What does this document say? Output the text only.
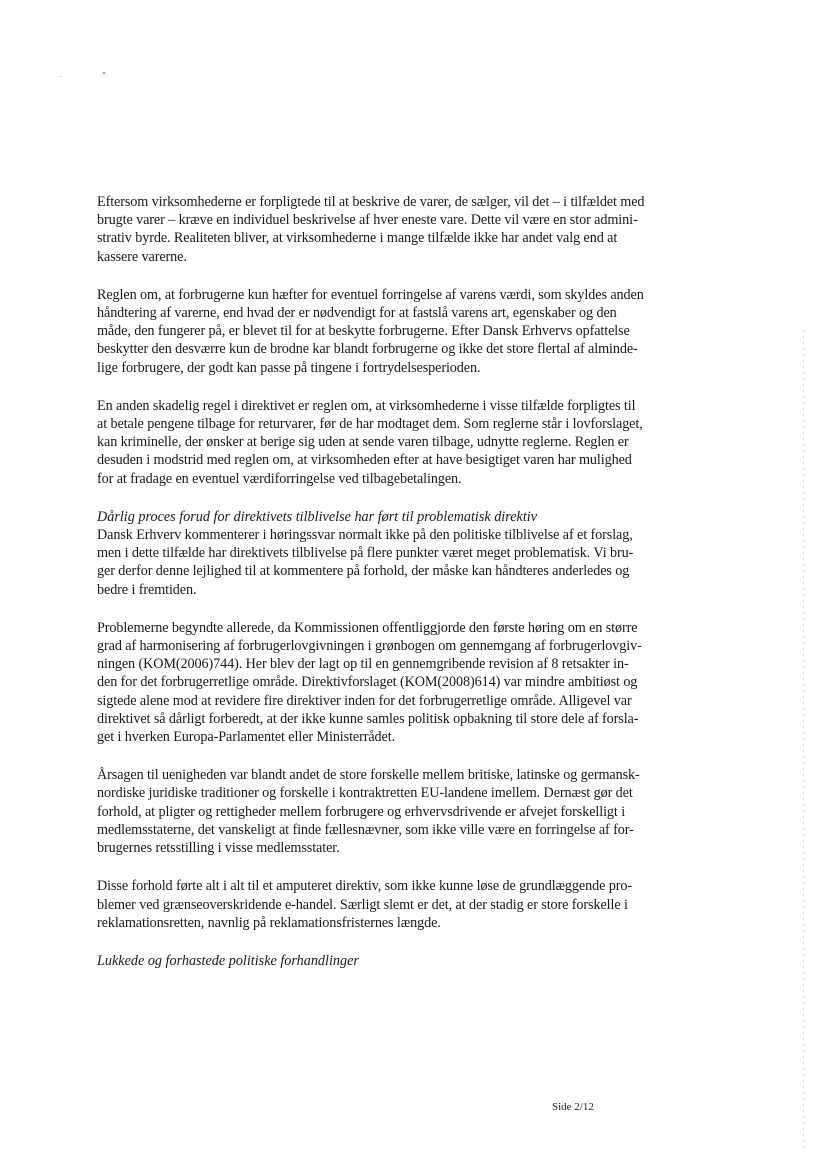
Eftersom virksomhederne er forpligtede til at beskrive de varer, de sælger, vil det – i tilfældet med
brugte varer – kræve en individuel beskrivelse af hver eneste vare. Dette vil være en stor admini-
strativ byrde. Realiteten bliver, at virksomhederne i mange tilfælde ikke har andet valg end at
kassere varerne.

Reglen om, at forbrugerne kun hæfter for eventuel forringelse af varens værdi, som skyldes anden
håndtering af varerne, end hvad der er nødvendigt for at fastslå varens art, egenskaber og den
måde, den fungerer på, er blevet til for at beskytte forbrugerne. Efter Dansk Erhvervs opfattelse
beskytter den desværre kun de brodne kar blandt forbrugerne og ikke det store flertal af alminde-
lige forbrugere, der godt kan passe på tingene i fortrydelsesperioden.

En anden skadelig regel i direktivet er reglen om, at virksomhederne i visse tilfælde forpligtes til
at betale pengene tilbage for returvarer, før de har modtaget dem. Som reglerne står i lovforslaget,
kan kriminelle, der ønsker at berige sig uden at sende varen tilbage, udnytte reglerne. Reglen er
desuden i modstrid med reglen om, at virksomheden efter at have besigtiget varen har mulighed
for at fradage en eventuel værdiforringelse ved tilbagebetalingen.

Dårlig proces forud for direktivets tilblivelse har ført til problematisk direktiv

Dansk Erhverv kommenterer i høringssvar normalt ikke på den politiske tilblivelse af et forslag,
men i dette tilfælde har direktivets tilblivelse på flere punkter været meget problematisk. Vi bru-
ger derfor denne lejlighed til at kommentere på forhold, der måske kan håndteres anderledes og
bedre i fremtiden.

Problemerne begyndte allerede, da Kommissionen offentliggjorde den første høring om en større
grad af harmonisering af forbrugerlovgivningen i grønbogen om gennemgang af forbrugerlovgiv-
ningen (KOM(2006)744). Her blev der lagt op til en gennemgribende revision af 8 retsakter in-
den for det forbrugerretlige område. Direktivforslaget (KOM(2008)614) var mindre ambitiøst og
sigtede alene mod at revidere fire direktiver inden for det forbrugerretlige område. Alligevel var
direktivet så dårligt forberedt, at der ikke kunne samles politisk opbakning til store dele af forsla-
get i hverken Europa-Parlamentet eller Ministerrådet.

Årsagen til uenigheden var blandt andet de store forskelle mellem britiske, latinske og germansk-
nordiske juridiske traditioner og forskelle i kontraktretten EU-landene imellem. Dernæst gør det
forhold, at pligter og rettigheder mellem forbrugere og erhvervsdrivende er afvejet forskelligt i
medlemsstaterne, det vanskeligt at finde fællesnævner, som ikke ville være en forringelse af for-
brugernes retsstilling i visse medlemsstater.

Disse forhold førte alt i alt til et amputeret direktiv, som ikke kunne løse de grundlæggende pro-
blemer ved grænseoverskridende e-handel. Særligt slemt er det, at der stadig er store forskelle i
reklamationsretten, navnlig på reklamationsfristernes længde.

Lukkede og forhastede politiske forhandlinger

Side 2/12
